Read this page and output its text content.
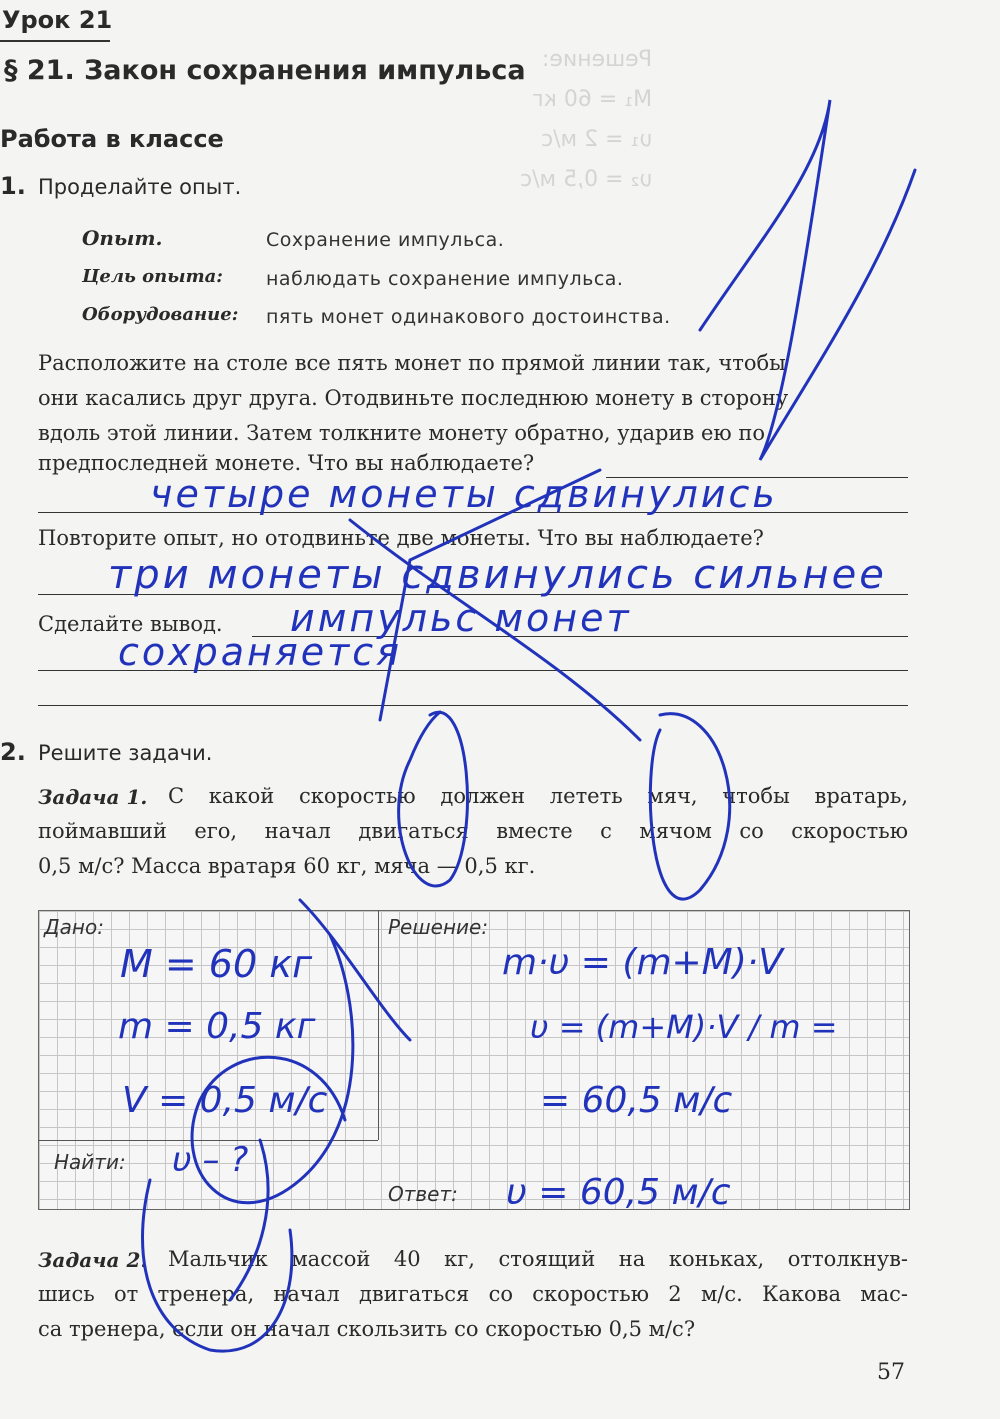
Решение:
M₁ = 60 кг
υ₁ = 2 м/с
υ₂ = 0,5 м/с
Урок 21
§ 21. Закон сохранения импульса
Работа в классе
1. Проделайте опыт.
Опыт.	Сохранение импульса.
Цель опыта: наблюдать сохранение импульса.
Оборудование: пять монет одинакового достоинства.
Расположите на столе все пять монет по прямой линии так, чтобы
они касались друг друга. Отодвиньте последнюю монету в сторону
вдоль этой линии. Затем толкните монету обратно, ударив ею по
предпоследней монете. Что вы наблюдаете?
четыре монеты сдвинулись
Повторите опыт, но отодвиньте две монеты. Что вы наблюдаете?
три монеты сдвинулись сильнее
Сделайте вывод. импульс монет
сохраняется
2. Решите задачи.
Задача 1. С какой скоростью должен лететь мяч, чтобы вратарь,
поймавший его, начал двигаться вместе с мячом со скоростью
0,5 м/с? Масса вратаря 60 кг, мяча — 0,5 кг.
Дано:	Решение:
Найти:
Ответ:
M = 60 кг
m = 0,5 кг
V = 0,5 м/с
υ – ?
m·υ = (m+M)·V
υ = (m+M)·V / m =
= 60,5 м/с
υ = 60,5 м/с
Задача 2. Мальчик массой 40 кг, стоящий на коньках, оттолкнув-
шись от тренера, начал двигаться со скоростью 2 м/с. Какова мас-
са тренера, если он начал скользить со скоростью 0,5 м/с?
57
